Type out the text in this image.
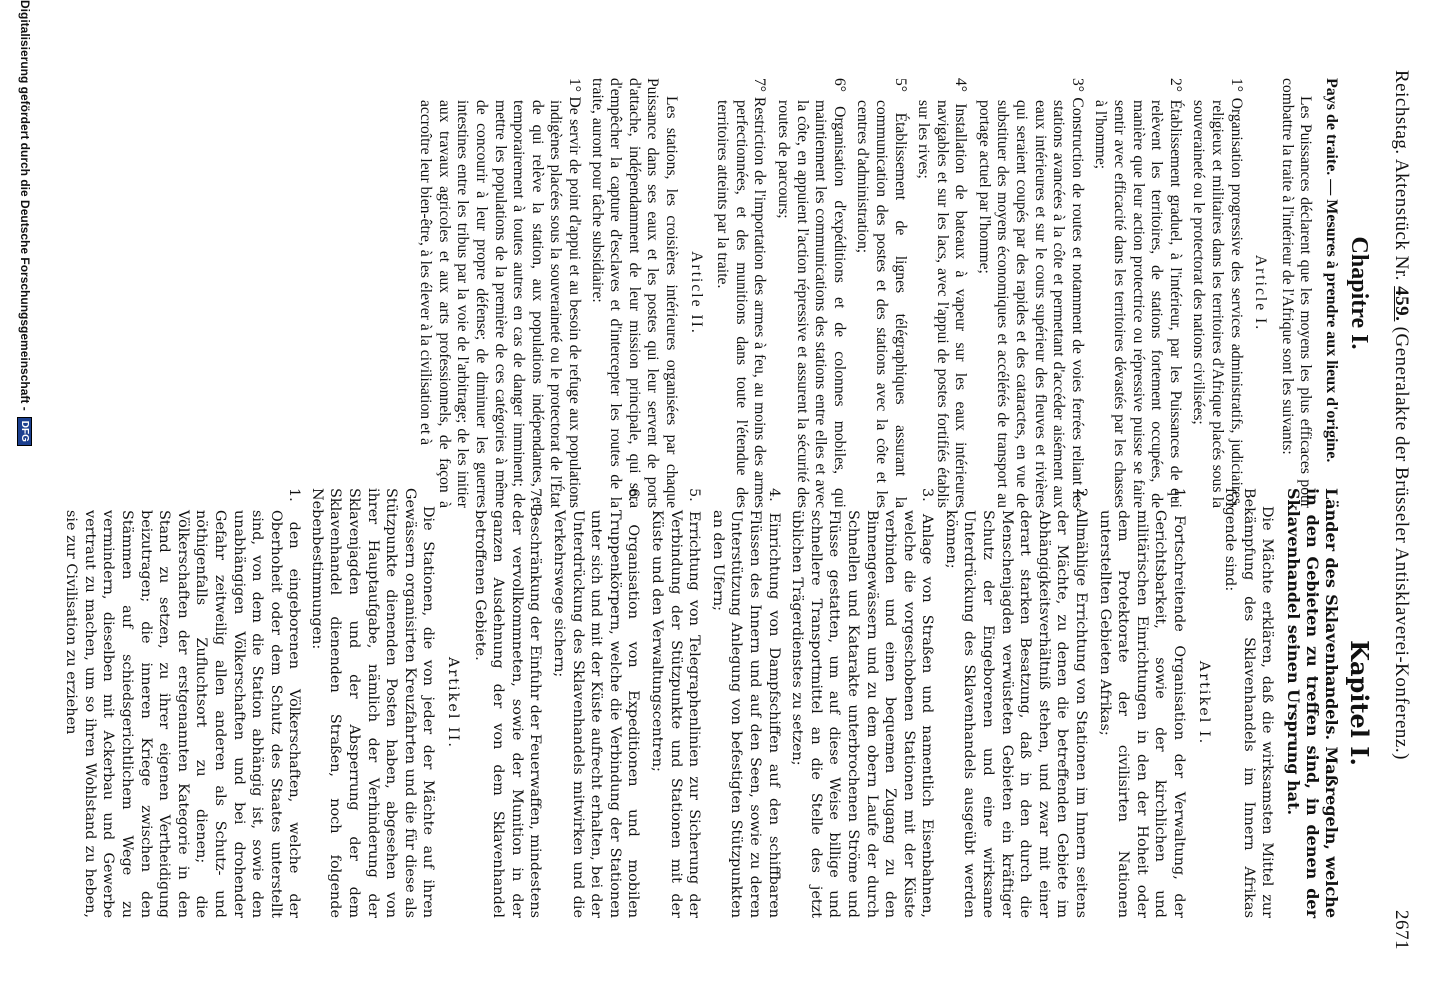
Reichstag. Aktenstück Nr. 459. (Generalakte der Brüsseler Antisklaverei-Konferenz.)
2671
Chapitre I.
Pays de traite. — Mesures à prendre aux lieux d'origine.

Les Puissances déclarent que les moyens les plus efficaces pour combattre la traite à l'intérieur de l'Afrique sont les suivants:

Article I.
1° Organisation progressive des services administratifs, judiciaires, religieux et militaires dans les territoires d'Afrique placés sous la souveraineté ou le protectorat des nations civilisées;
2° Établissement graduel, à l'intérieur, par les Puissances de qui relèvent les territoires, de stations fortement occupées, de manière que leur action protectrice ou répressive puisse se faire sentir avec efficacité dans les territoires dévastés par les chasses à l'homme;
3° Construction de routes et notamment de voies ferrées reliant les stations avancées à la côte et permettant d'accéder aisément aux eaux intérieures et sur le cours supérieur des fleuves et rivières qui seraient coupés par des rapides et des cataractes, en vue de substituer des moyens économiques et accélérés de transport au portage actuel par l'homme;
4° Installation de bateaux à vapeur sur les eaux intérieures navigables et sur les lacs, avec l'appui de postes fortifiés établis sur les rives;
5° Établissement de lignes télégraphiques assurant la communication des postes et des stations avec la côte et les centres d'administration;
6° Organisation d'expéditions et de colonnes mobiles, qui maintiennent les communications des stations entre elles et avec la côte, en appuient l'action répressive et assurent la sécurité des routes de parcours;
7° Restriction de l'importation des armes à feu, au moins des armes perfectionnées, et des munitions dans toute l'étendue des territoires atteints par la traite.
Article II.

Les stations, les croisières intérieures organisées par chaque Puissance dans ses eaux et les postes qui leur servent de ports d'attache, indépendamment de leur mission principale, qui sera d'empêcher la capture d'esclaves et d'intercepter les routes de la traite, auront pour tâche subsidiaire:

1° De servir de point d'appui et au besoin de refuge aux populations indigènes placées sous la souveraineté ou le protectorat de l'État de qui relève la station, aux populations indépendantes, et temporairement à toutes autres en cas de danger imminent; de mettre les populations de la première de ces catégories à même de concourir à leur propre défense; de diminuer les guerres intestines entre les tribus par la voie de l'arbitrage; de les initier aux travaux agricoles et aux arts professionnels, de façon à accroître leur bien-être, à les élever à la civilisation et à
Kapitel I.
Länder des Sklavenhandels. Maßregeln, welche in den Gebieten zu treffen sind, in denen der Sklavenhandel seinen Ursprung hat.

Die Mächte erklären, daß die wirksamsten Mittel zur Bekämpfung des Sklavenhandels im Innern Afrikas folgende sind:

Artikel I.
1. Fortschreitende Organisation der Verwaltung, der Gerichtsbarkeit, sowie der kirchlichen und militärischen Einrichtungen in den der Hoheit oder dem Protektorate der civilisirten Nationen unterstellten Gebieten Afrikas;
2. Allmählige Errichtung von Stationen im Innern seitens der Mächte, zu denen die betreffenden Gebiete im Abhängigkeitsverhältniß stehen, und zwar mit einer derart starken Besatzung, daß in den durch die Menschenjagden verwüsteten Gebieten ein kräftiger Schutz der Eingeborenen und eine wirksame Unterdrückung des Sklavenhandels ausgeübt werden können;
3. Anlage von Straßen und namentlich Eisenbahnen, welche die vorgeschobenen Stationen mit der Küste verbinden und einen bequemen Zugang zu den Binnengewässern und zu dem obern Laufe der durch Schnellen und Katarakte unterbrochenen Ströme und Flüsse gestatten, um auf diese Weise billige und schnellere Transportmittel an die Stelle des jetzt üblichen Trägerdienstes zu setzen;
4. Einrichtung von Dampfschiffen auf den schiffbaren Flüssen des Innern und auf den Seen, sowie zu deren Unterstützung Anlegung von befestigten Stützpunkten an den Ufern;
5. Errichtung von Telegraphenlinien zur Sicherung der Verbindung der Stützpunkte und Stationen mit der Küste und den Verwaltungscentren;
6. Organisation von Expeditionen und mobilen Truppenkörpern, welche die Verbindung der Stationen unter sich und mit der Küste aufrecht erhalten, bei der Unterdrückung des Sklavenhandels mitwirken und die Verkehrswege sichern;
7. Beschränkung der Einfuhr der Feuerwaffen, mindestens der vervollkommneten, sowie der Munition in der ganzen Ausdehnung der von dem Sklavenhandel betroffenen Gebiete.
Artikel II.

Die Stationen, die von jeder der Mächte auf ihren Gewässern organisirten Kreuzfahrten und die für diese als Stützpunkte dienenden Posten haben, abgesehen von ihrer Hauptaufgabe, nämlich der Verhinderung der Sklavenjagden und der Absperrung der dem Sklavenhandel dienenden Straßen, noch folgende Nebenbestimmungen:

1. den eingeborenen Völkerschaften, welche der Oberhoheit oder dem Schutz des Staates unterstellt sind, von dem die Station abhängig ist, sowie den unabhängigen Völkerschaften und bei drohender Gefahr zeitweilig allen anderen als Schutz- und nöthigenfalls Zufluchtsort zu dienen; die Völkerschaften der erstgenannten Kategorie in den Stand zu setzen, zu ihrer eigenen Vertheidigung beizutragen; die inneren Kriege zwischen den Stämmen auf schiedsgerichtlichem Wege zu vermindern, dieselben mit Ackerbau und Gewerbe vertraut zu machen, um so ihren Wohlstand zu heben, sie zur Civilisation zu erziehen
Digitalisierung gefördert durch die Deutsche Forschungsgemeinschaft -
DFG
